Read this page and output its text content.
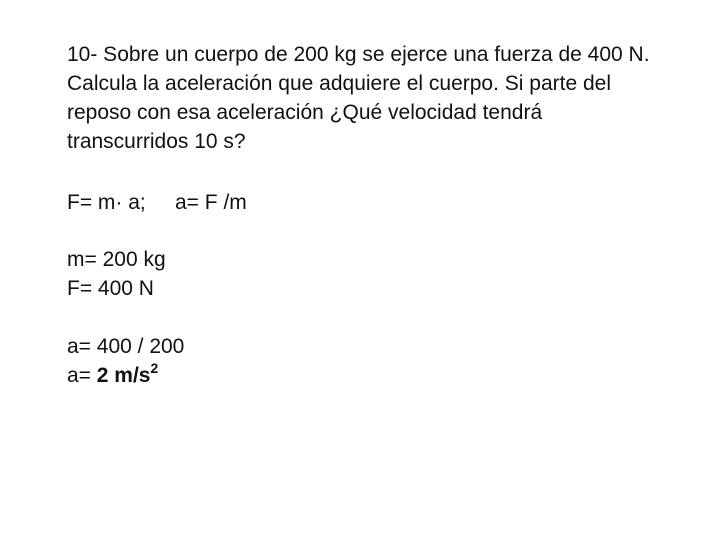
10- Sobre un cuerpo de 200 kg se ejerce una fuerza de 400 N.
Calcula la aceleración que adquiere el cuerpo. Si parte del
reposo con esa aceleración ¿Qué velocidad tendrá
transcurridos 10 s?
F= m· a; a= F /m
m= 200 kg
F= 400 N
a= 400 / 200
a= 2 $m/s^2$
